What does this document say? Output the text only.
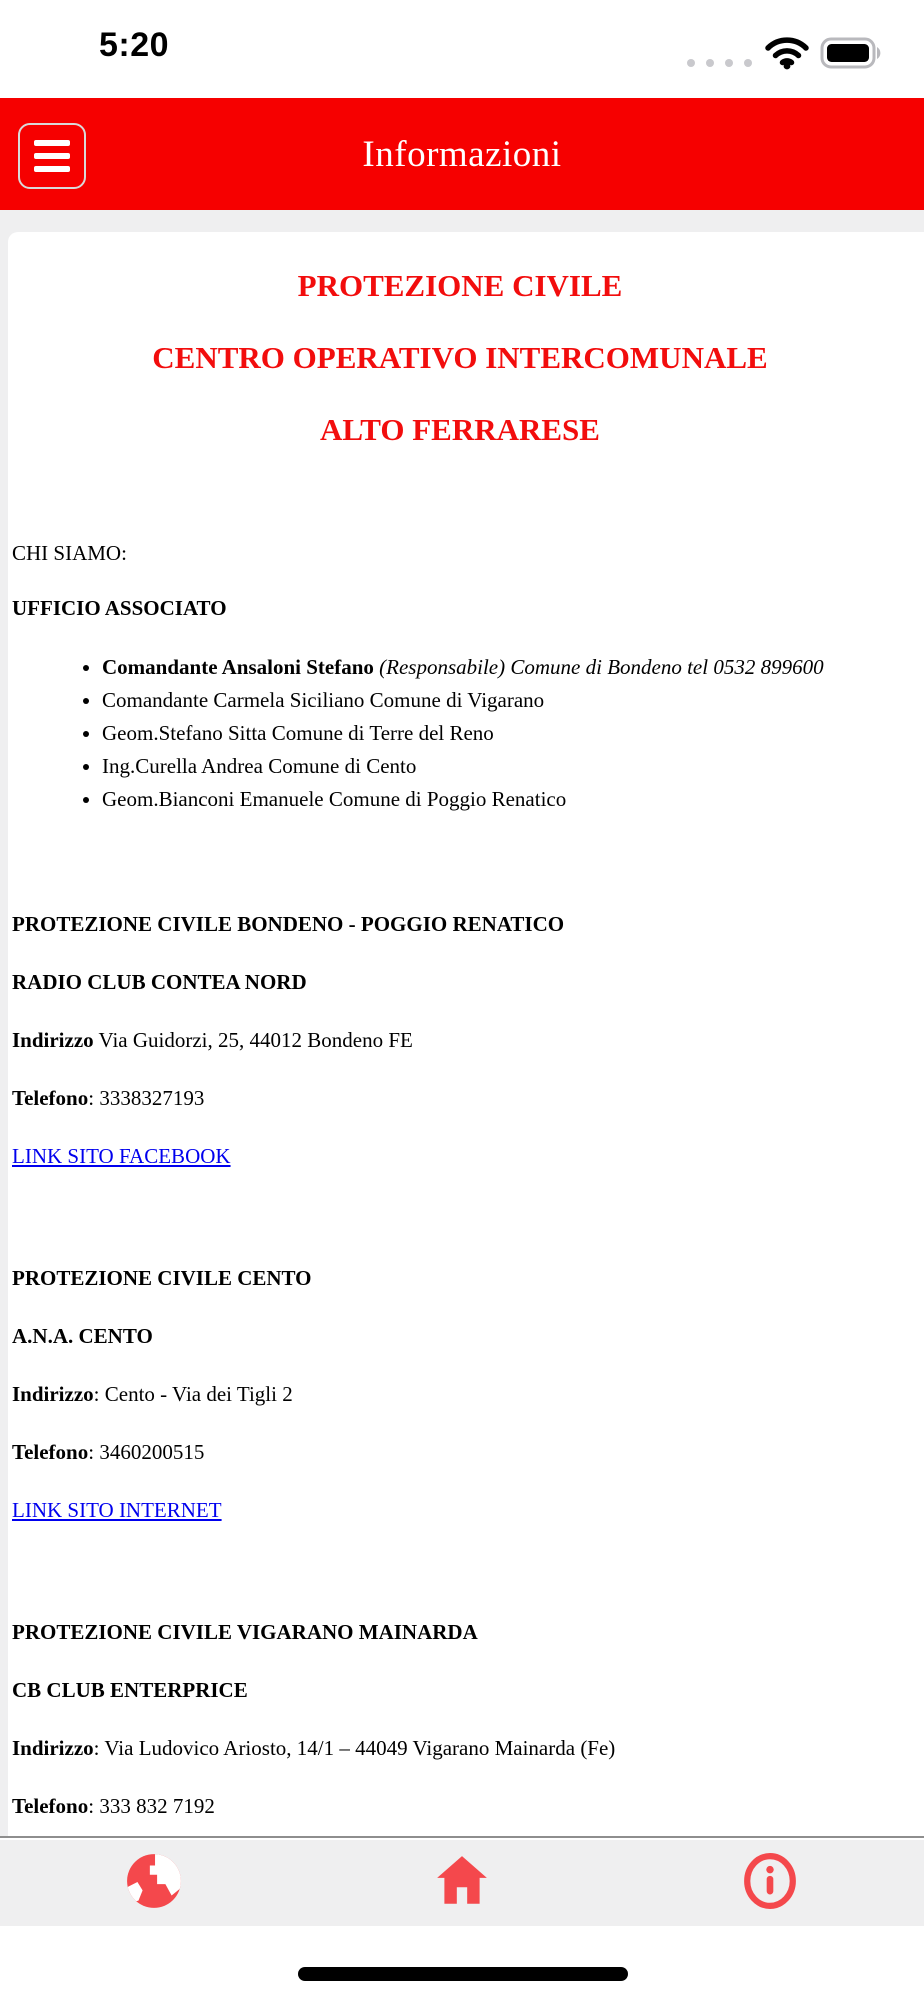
5:20
Informazioni
PROTEZIONE CIVILE
CENTRO OPERATIVO INTERCOMUNALE
ALTO FERRARESE

CHI SIAMO:

UFFICIO ASSOCIATO

• Comandante Ansaloni Stefano (Responsabile) Comune di Bondeno tel 0532 899600
• Comandante Carmela Siciliano Comune di Vigarano
• Geom.Stefano Sitta Comune di Terre del Reno
• Ing.Curella Andrea Comune di Cento
• Geom.Bianconi Emanuele Comune di Poggio Renatico

PROTEZIONE CIVILE BONDENO - POGGIO RENATICO

RADIO CLUB CONTEA NORD

Indirizzo Via Guidorzi, 25, 44012 Bondeno FE

Telefono: 3338327193

LINK SITO FACEBOOK

PROTEZIONE CIVILE CENTO

A.N.A. CENTO

Indirizzo: Cento - Via dei Tigli 2

Telefono: 3460200515

LINK SITO INTERNET

PROTEZIONE CIVILE VIGARANO MAINARDA

CB CLUB ENTERPRICE

Indirizzo: Via Ludovico Ariosto, 14/1 – 44049 Vigarano Mainarda (Fe)

Telefono: 333 832 7192
